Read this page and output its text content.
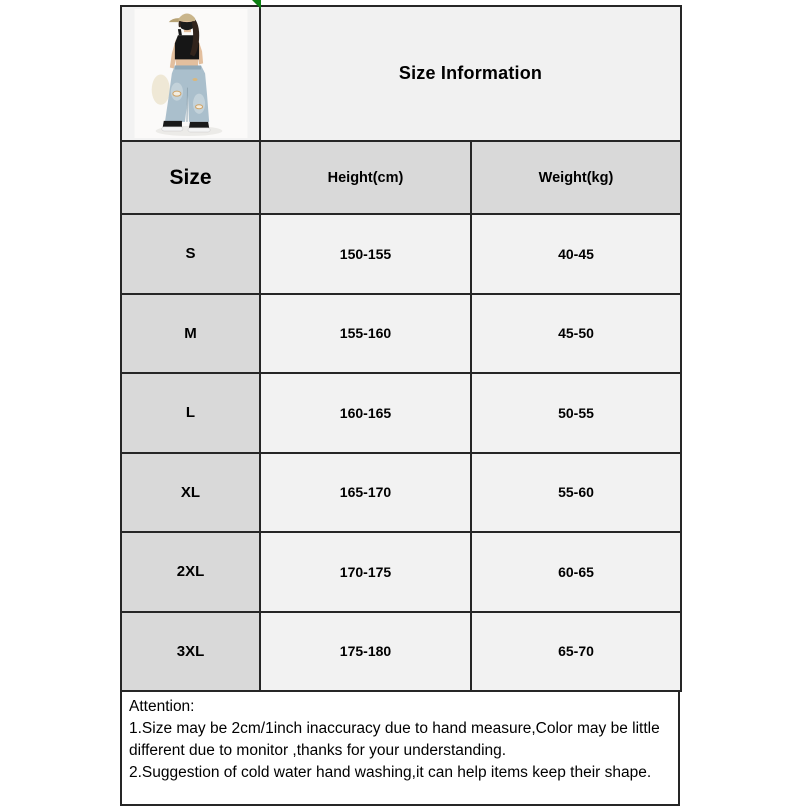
	Size Information	
Size	Height(cm)	Weight(kg)
S	150-155	40-45
M	155-160	45-50
L	160-165	50-55
XL	165-170	55-60
2XL	170-175	60-65
3XL	175-180	65-70
Attention:
1.Size may be 2cm/1inch inaccuracy due to hand measure,Color may be little different due to monitor ,thanks for your understanding.
2.Suggestion of cold water hand washing,it can help items keep their shape.
